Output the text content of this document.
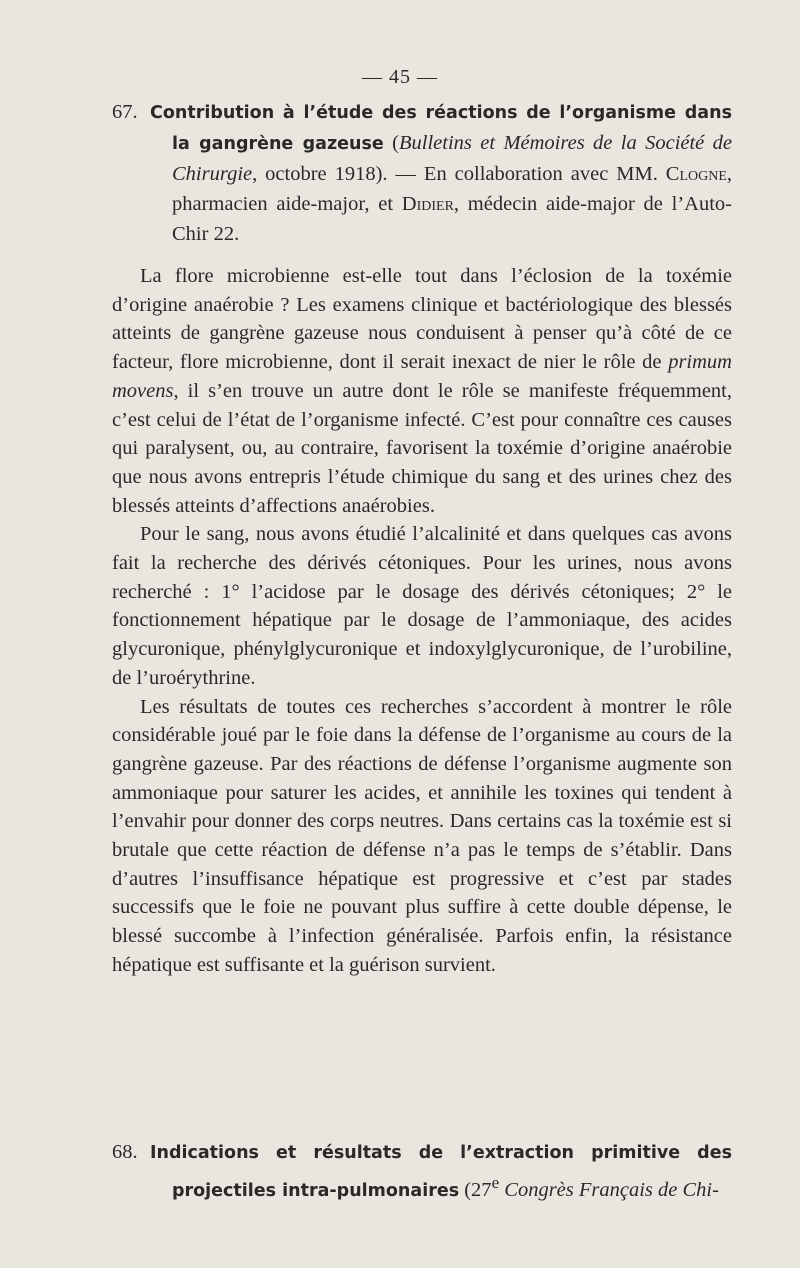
— 45 —
67. Contribution à l’étude des réactions de l’organisme dans la gangrène gazeuse (Bulletins et Mémoires de la Société de Chirurgie, octobre 1918). — En collaboration avec MM. Clogne, pharmacien aide-major, et Didier, médecin aide-major de l’Auto-Chir 22.

La flore microbienne est-elle tout dans l’éclosion de la toxémie d’origine anaérobie ? Les examens clinique et bactériologique des blessés atteints de gangrène gazeuse nous conduisent à penser qu’à côté de ce facteur, flore microbienne, dont il serait inexact de nier le rôle de primum movens, il s’en trouve un autre dont le rôle se manifeste fréquemment, c’est celui de l’état de l’organisme infecté. C’est pour connaître ces causes qui paralysent, ou, au contraire, favorisent la toxémie d’origine anaérobie que nous avons entrepris l’étude chimique du sang et des urines chez des blessés atteints d’affections anaérobies.

Pour le sang, nous avons étudié l’alcalinité et dans quelques cas avons fait la recherche des dérivés cétoniques. Pour les urines, nous avons recherché : 1° l’acidose par le dosage des dérivés cétoniques; 2° le fonctionnement hépatique par le dosage de l’ammoniaque, des acides glycuronique, phénylglycuronique et indoxylglycuronique, de l’urobiline, de l’uroérythrine.

Les résultats de toutes ces recherches s’accordent à montrer le rôle considérable joué par le foie dans la défense de l’organisme au cours de la gangrène gazeuse. Par des réactions de défense l’organisme augmente son ammoniaque pour saturer les acides, et annihile les toxines qui tendent à l’envahir pour donner des corps neutres. Dans certains cas la toxémie est si brutale que cette réaction de défense n’a pas le temps de s’établir. Dans d’autres l’insuffisance hépatique est progressive et c’est par stades successifs que le foie ne pouvant plus suffire à cette double dépense, le blessé succombe à l’infection généralisée. Parfois enfin, la résistance hépatique est suffisante et la guérison survient.

68. Indications et résultats de l’extraction primitive des projectiles intra-pulmonaires (27e Congrès Français de Chi-
